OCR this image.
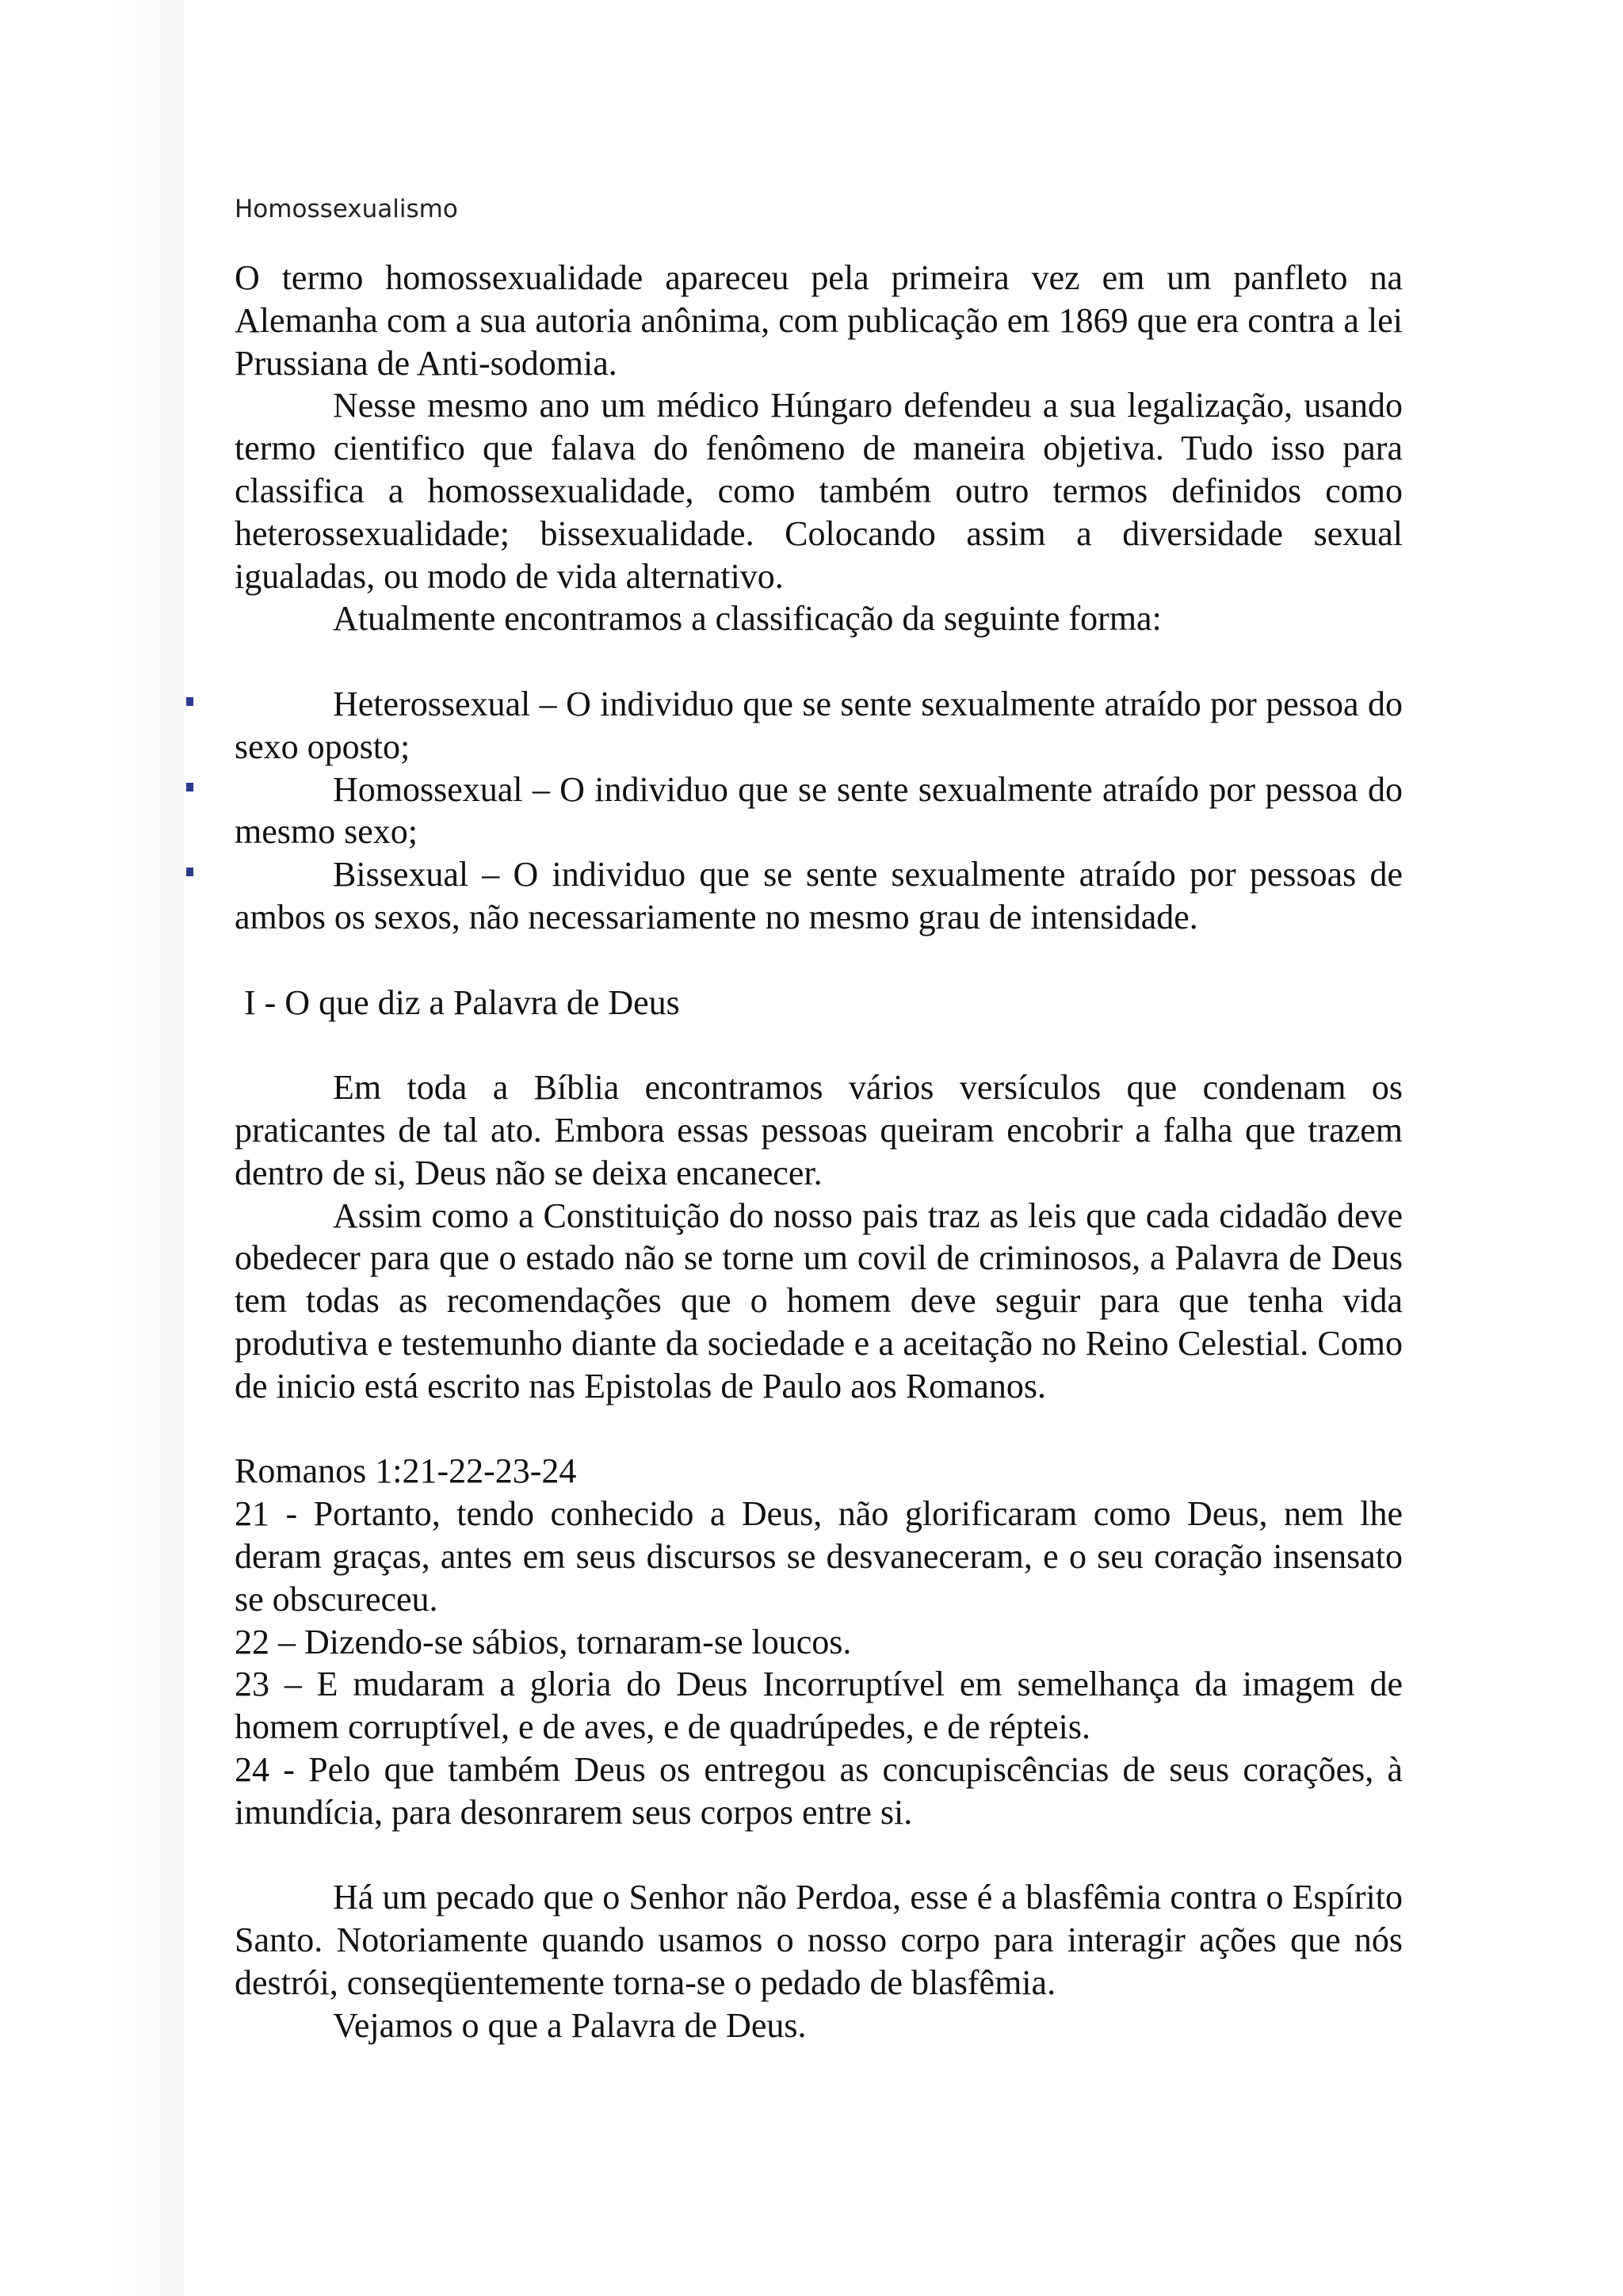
Homossexualismo

O termo homossexualidade apareceu pela primeira vez em um panfleto na Alemanha com a sua autoria anônima, com publicação em 1869 que era contra a lei Prussiana de Anti-sodomia.

Nesse mesmo ano um médico Húngaro defendeu a sua legalização, usando termo cientifico que falava do fenômeno de maneira objetiva. Tudo isso para classifica a homossexualidade, como também outro termos definidos como heterossexualidade; bissexualidade. Colocando assim a diversidade sexual igualadas, ou modo de vida alternativo.

Atualmente encontramos a classificação da seguinte forma:

Heterossexual – O individuo que se sente sexualmente atraído por pessoa do sexo oposto;

Homossexual – O individuo que se sente sexualmente atraído por pessoa do mesmo sexo;

Bissexual – O individuo que se sente sexualmente atraído por pessoas de ambos os sexos, não necessariamente no mesmo grau de intensidade.

I - O que diz a Palavra de Deus

Em toda a Bíblia encontramos vários versículos que condenam os praticantes de tal ato. Embora essas pessoas queiram encobrir a falha que trazem dentro de si, Deus não se deixa encanecer.

Assim como a Constituição do nosso pais traz as leis que cada cidadão deve obedecer para que o estado não se torne um covil de criminosos, a Palavra de Deus tem todas as recomendações que o homem deve seguir para que tenha vida produtiva e testemunho diante da sociedade e a aceitação no Reino Celestial. Como de inicio está escrito nas Epistolas de Paulo aos Romanos.

Romanos 1:21-22-23-24

21 - Portanto, tendo conhecido a Deus, não glorificaram como Deus, nem lhe deram graças, antes em seus discursos se desvaneceram, e o seu coração insensato se obscureceu.

22 – Dizendo-se sábios, tornaram-se loucos.

23 – E mudaram a gloria do Deus Incorruptível em semelhança da imagem de homem corruptível, e de aves, e de quadrúpedes, e de répteis.

24 - Pelo que também Deus os entregou as concupiscências de seus corações, à imundícia, para desonrarem seus corpos entre si.

Há um pecado que o Senhor não Perdoa, esse é a blasfêmia contra o Espírito Santo. Notoriamente quando usamos o nosso corpo para interagir ações que nós destrói, conseqüentemente torna-se o pedado de blasfêmia.

Vejamos o que a Palavra de Deus.
